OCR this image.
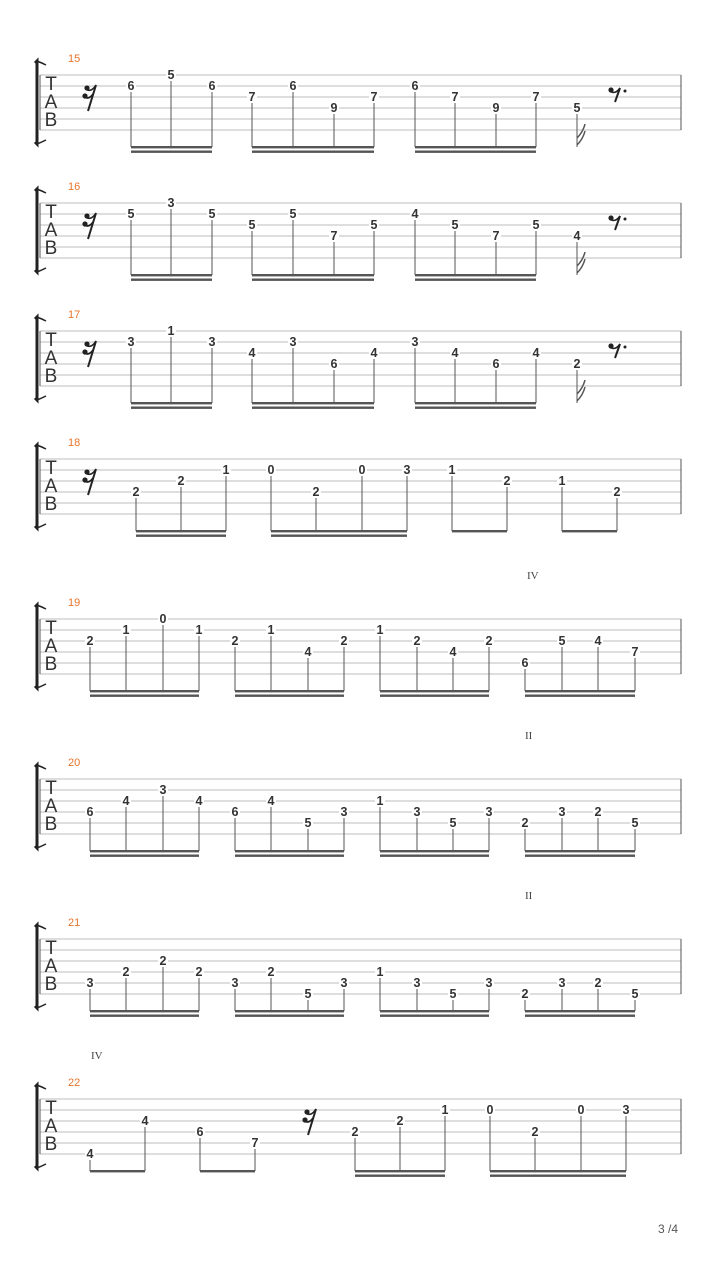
T
A
B
15
6
5
6
7
6
9
7
6
7
9
7
5
T
A
B
16
5
3
5
5
5
7
5
4
5
7
5
4
T
A
B
17
3
1
3
4
3
6
4
3
4
6
4
2
T
A
B
18
2
2
1	0
2
0	3	1
2	1
2
T
A
B
19
IV
2
1
0
1
2
1
4
2
1
2
4
2
6
5 4
7
T
A
B
20
II
6
4
3
4
6
4
5
3
1
3
5
3
2
3 2
5
T
A
B
21
II
3
2
2
2
3
2
5
3
1
3
5
3
2
3 2
5
T
A
B
22
IV
4
4
6
7
2
2
1	0
2
0	3
3 /4
